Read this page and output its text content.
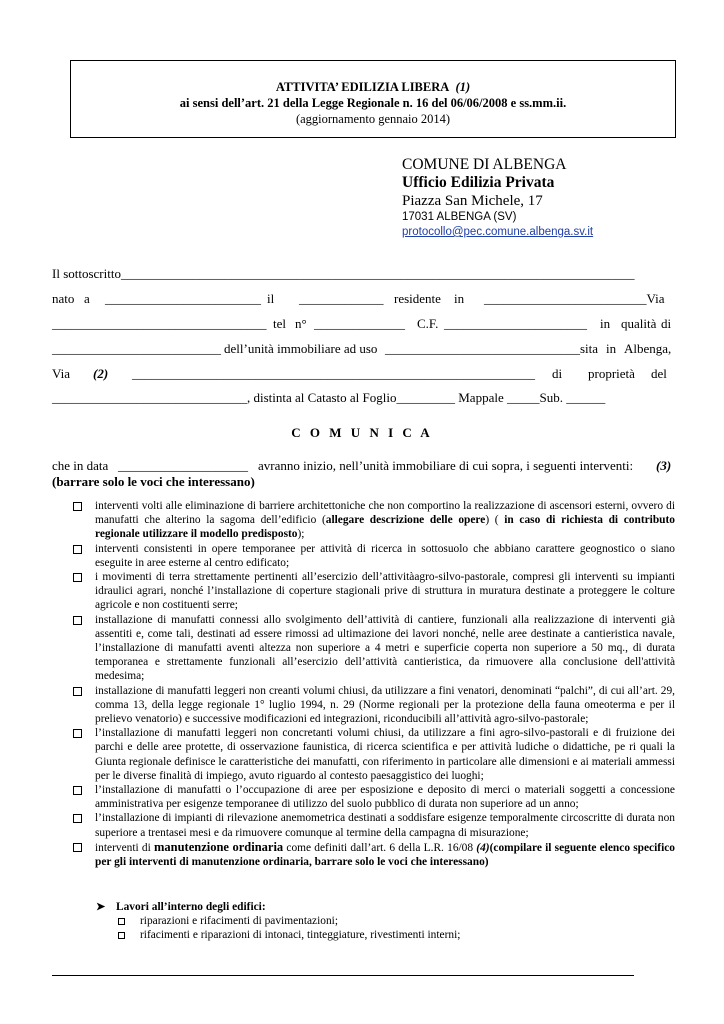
ATTIVITA’ EDILIZIA LIBERA (1)
ai sensi dell’art. 21 della Legge Regionale n. 16 del 06/06/2008 e ss.mm.ii.
(aggiornamento gennaio 2014)
COMUNE DI ALBENGA
Ufficio Edilizia Privata
Piazza San Michele, 17
17031 ALBENGA (SV)
protocollo@pec.comune.albenga.sv.it
Il sottoscritto_______________________________________________________________________________
nato a ________________________ il _____________ residente in _________________________Via
_________________________________ tel n° ______________ C.F. ______________________ in qualità di
__________________________ dell’unità immobiliare ad uso ______________________________sita in Albenga,
Via (2) ______________________________________________________________ di proprietà del
______________________________, distinta al Catasto al Foglio_________ Mappale _____Sub. ______
C O M U N I C A
che in data ____________________ avranno inizio, nell’unità immobiliare di cui sopra, i seguenti interventi: (3)
(barrare solo le voci che interessano)
interventi volti alle eliminazione di barriere architettoniche che non comportino la realizzazione di ascensori esterni, ovvero di manufatti che alterino la sagoma dell’edificio (allegare descrizione delle opere) ( in caso di richiesta di contributo regionale utilizzare il modello predisposto);
interventi consistenti in opere temporanee per attività di ricerca in sottosuolo che abbiano carattere geognostico o siano eseguite in aree esterne al centro edificato;
i movimenti di terra strettamente pertinenti all’esercizio dell’attivitàagro-silvo-pastorale, compresi gli interventi su impianti idraulici agrari, nonché l’installazione di coperture stagionali prive di struttura in muratura destinate a proteggere le colture agricole e non costituenti serre;
installazione di manufatti connessi allo svolgimento dell’attività di cantiere, funzionali alla realizzazione di interventi già assentiti e, come tali, destinati ad essere rimossi ad ultimazione dei lavori nonché, nelle aree destinate a cantieristica navale, l’installazione di manufatti aventi altezza non superiore a 4 metri e superficie coperta non superiore a 50 mq., di durata temporanea e strettamente funzionali all’esercizio dell’attività cantieristica, da rimuovere alla conclusione dell'attività medesima;
installazione di manufatti leggeri non creanti volumi chiusi, da utilizzare a fini venatori, denominati “palchi”, di cui all’art. 29, comma 13, della legge regionale 1° luglio 1994, n. 29 (Norme regionali per la protezione della fauna omeoterma e per il prelievo venatorio) e successive modificazioni ed integrazioni, riconducibili all’attività agro-silvo-pastorale;
l’installazione di manufatti leggeri non concretanti volumi chiusi, da utilizzare a fini agro-silvo-pastorali e di fruizione dei parchi e delle aree protette, di osservazione faunistica, di ricerca scientifica e per attività ludiche o didattiche, pe ri quali la Giunta regionale definisce le caratteristiche dei manufatti, con riferimento in particolare alle dimensioni e ai materiali ammessi per le diverse finalità di impiego, avuto riguardo al contesto paesaggistico dei luoghi;
l’installazione di manufatti o l’occupazione di aree per esposizione e deposito di merci o materiali soggetti a concessione amministrativa per esigenze temporanee di utilizzo del suolo pubblico di durata non superiore ad un anno;
l’installazione di impianti di rilevazione anemometrica destinati a soddisfare esigenze temporalmente circoscritte di durata non superiore a trentasei mesi e da rimuovere comunque al termine della campagna di misurazione;
interventi di manutenzione ordinaria come definiti dall’art. 6 della L.R. 16/08 (4)(compilare il seguente elenco specifico per gli interventi di manutenzione ordinaria, barrare solo le voci che interessano)
➤ Lavori all’interno degli edifici:
riparazioni e rifacimenti di pavimentazioni;
rifacimenti e riparazioni di intonaci, tinteggiature, rivestimenti interni;
